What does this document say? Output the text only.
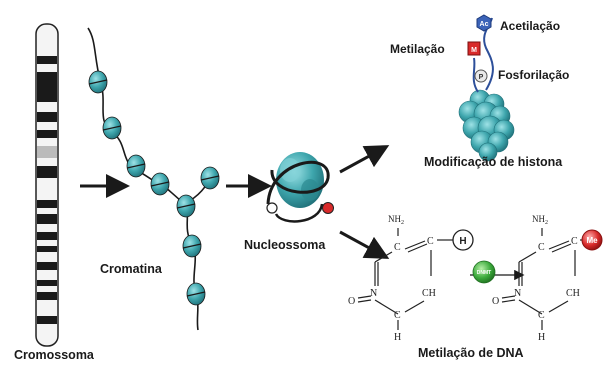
Ac
M
P
$NH_2$
C
C
N
C
CH
O
H
H
DNMT
$NH_2$
C
C
N
C
CH
O
H
Me
Cromossoma
Cromatina
Nucleossoma
Modificação de histona
Metilação de DNA
Acetilação
Metilação
Fosforilação
